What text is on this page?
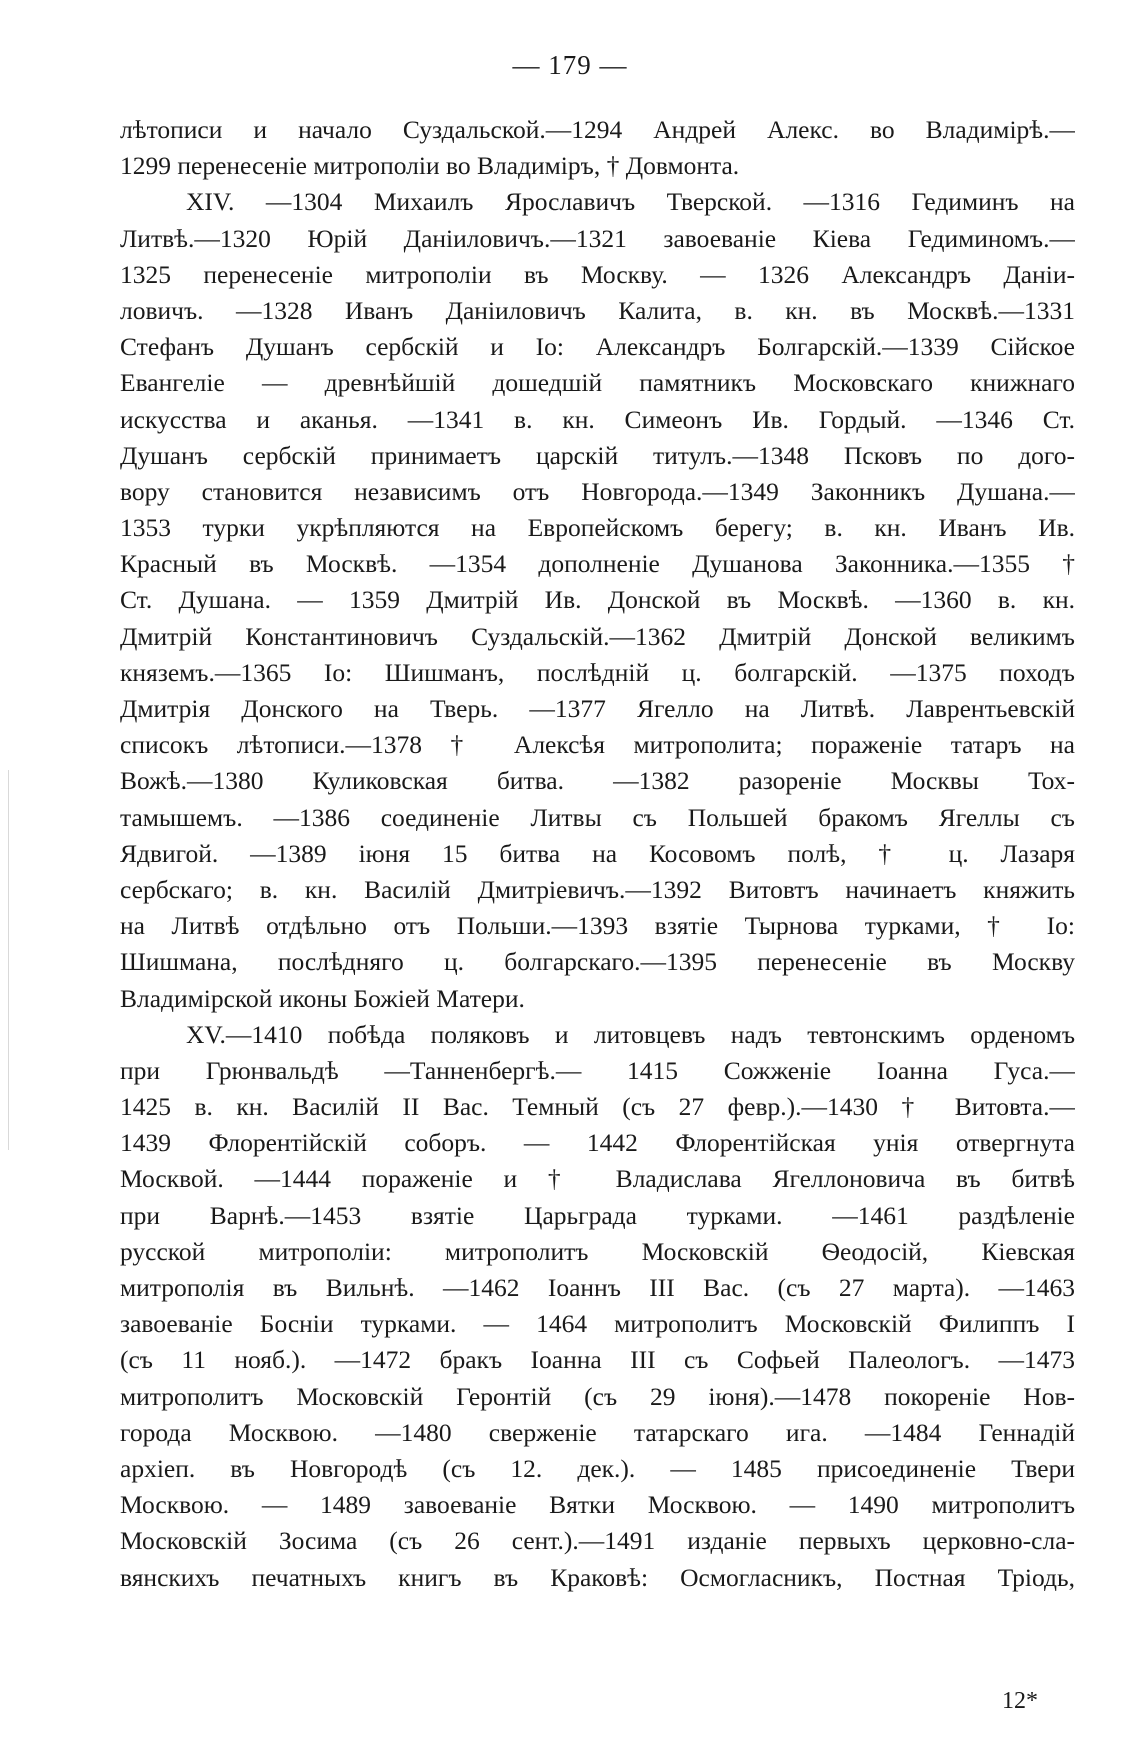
— 179 —
лѣтописи и начало Суздальской.—1294 Андрей Алекс. во Владимірѣ.—
1299 перенесеніе митрополіи во Владиміръ, † Довмонта.
XIV. —1304 Михаилъ Ярославичъ Тверской. —1316 Гедиминъ на
Литвѣ.—1320 Юрій Даніиловичъ.—1321 завоеваніе Кіева Гедиминомъ.—
1325 перенесеніе митрополіи въ Москву. — 1326 Александръ Даніи-
ловичъ. —1328 Иванъ Даніиловичъ Калита, в. кн. въ Москвѣ.—1331
Стефанъ Душанъ сербскій и Іо: Александръ Болгарскій.—1339 Сійское
Евангеліе — древнѣйшій дошедшій памятникъ Московскаго книжнаго
искусства и аканья. —1341 в. кн. Симеонъ Ив. Гордый. —1346 Ст.
Душанъ сербскій принимаетъ царскій титулъ.—1348 Псковъ по дого-
вору становится независимъ отъ Новгорода.—1349 Законникъ Душана.—
1353 турки укрѣпляются на Европейскомъ берегу; в. кн. Иванъ Ив.
Красный въ Москвѣ. —1354 дополненіе Душанова Законника.—1355 †
Ст. Душана. — 1359 Дмитрій Ив. Донской въ Москвѣ. —1360 в. кн.
Дмитрій Константиновичъ Суздальскій.—1362 Дмитрій Донской великимъ
княземъ.—1365 Іо: Шишманъ, послѣдній ц. болгарскій. —1375 походъ
Дмитрія Донского на Тверь. —1377 Ягелло на Литвѣ. Лаврентьевскій
списокъ лѣтописи.—1378 † Алексѣя митрополита; пораженіе татаръ на
Вожѣ.—1380 Куликовская битва. —1382 разореніе Москвы Тох-
тамышемъ. —1386 соединеніе Литвы съ Польшей бракомъ Ягеллы съ
Ядвигой. —1389 іюня 15 битва на Косовомъ полѣ, † ц. Лазаря
сербскаго; в. кн. Василій Дмитріевичъ.—1392 Витовтъ начинаетъ княжить
на Литвѣ отдѣльно отъ Польши.—1393 взятіе Тырнова турками, † Іо:
Шишмана, послѣдняго ц. болгарскаго.—1395 перенесеніе въ Москву
Владимірской иконы Божіей Матери.
XV.—1410 побѣда поляковъ и литовцевъ надъ тевтонскимъ орденомъ
при Грюнвальдѣ —Танненбергѣ.— 1415 Сожженіе Іоанна Гуса.—
1425 в. кн. Василій II Вас. Темный (съ 27 февр.).—1430 † Витовта.—
1439 Флорентійскій соборъ. — 1442 Флорентійская унія отвергнута
Москвой. —1444 пораженіе и † Владислава Ягеллоновича въ битвѣ
при Варнѣ.—1453 взятіе Царьграда турками. —1461 раздѣленіе
русской митрополіи: митрополитъ Московскій Ѳеодосій, Кіевская
митрополія въ Вильнѣ. —1462 Іоаннъ III Вас. (съ 27 марта). —1463
завоеваніе Босніи турками. — 1464 митрополитъ Московскій Филиппъ I
(съ 11 нояб.). —1472 бракъ Іоанна III съ Софьей Палеологъ. —1473
митрополитъ Московскій Геронтій (съ 29 іюня).—1478 покореніе Нов-
города Москвою. —1480 сверженіе татарскаго ига. —1484 Геннадій
архіеп. въ Новгородѣ (съ 12. дек.). — 1485 присоединеніе Твери
Москвою. — 1489 завоеваніе Вятки Москвою. — 1490 митрополитъ
Московскій Зосима (съ 26 сент.).—1491 изданіе первыхъ церковно-сла-
вянскихъ печатныхъ книгъ въ Краковѣ: Осмогласникъ, Постная Тріодь,
12*
